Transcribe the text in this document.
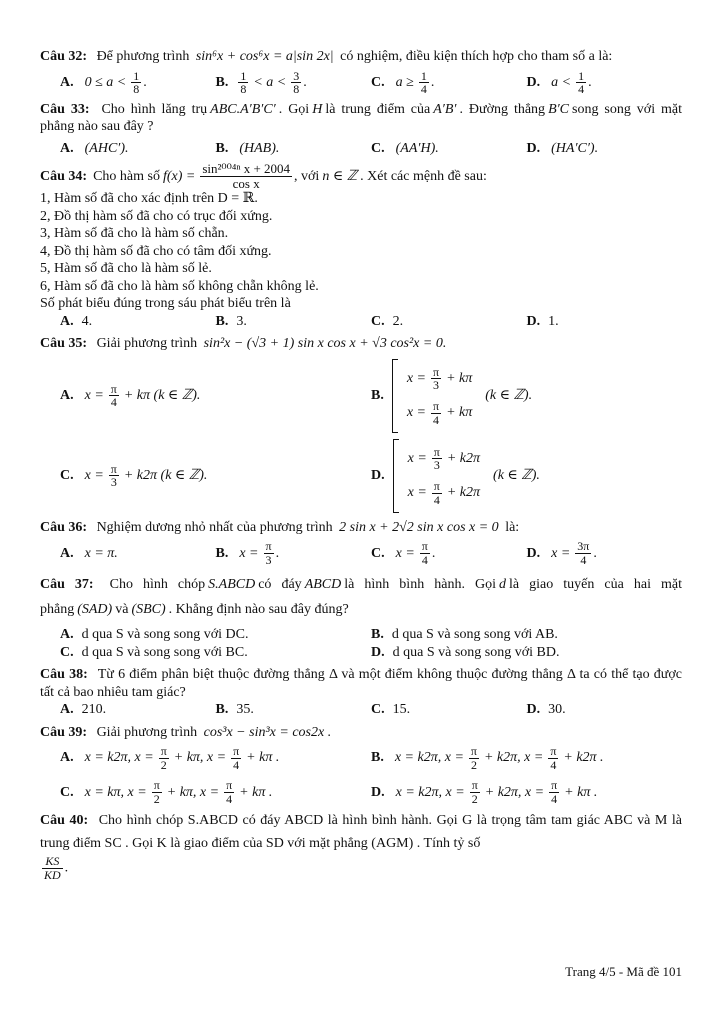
Câu 32: Để phương trình sin⁶x + cos⁶x = a|sin 2x| có nghiệm, điều kiện thích hợp cho tham số a là:
A. $0 \le a < \frac{1}{8}$ .	B. $\frac{1}{8} < a < \frac{3}{8}$ .	C. $a \ge \frac{1}{4}$ .	D. $a < \frac{1}{4}$ .
Câu 33: Cho hình lăng trụ ABC.A′B′C′ . Gọi H là trung điểm của A′B′ . Đường thẳng B′C song song với mặt phẳng nào sau đây ?
A. (AHC′).	B. (HAB).	C. (AA′H).	D. (HA′C′).
Câu 34: Cho hàm số $f(x) = \frac{\text{sin²⁰⁰⁴ⁿ x + 2004}}{\text{cos x}}$ , với n ∈ ℤ . Xét các mệnh đề sau:

1, Hàm số đã cho xác định trên D = ℝ.

2, Đồ thị hàm số đã cho có trục đối xứng.

3, Hàm số đã cho là hàm số chẵn.

4, Đồ thị hàm số đã cho có tâm đối xứng.

5, Hàm số đã cho là hàm số lẻ.

6, Hàm số đã cho là hàm số không chẵn không lẻ.

Số phát biểu đúng trong sáu phát biểu trên là

A. 4.	B. 3.	C. 2.	D. 1.
Câu 35: Giải phương trình sin²x − (√3 + 1) sin x cos x + √3 cos²x = 0.
A. $x = \frac{\pi}{4} + k\pi$ (k ∈ ℤ).	B.
$x = \frac{\pi}{3} + k\pi$
$x = \frac{\pi}{4} + k\pi$
(k ∈ ℤ).
C. $x = \frac{\pi}{3} + k2\pi$ (k ∈ ℤ).	D.
$x = \frac{\pi}{3} + k2\pi$
$x = \frac{\pi}{4} + k2\pi$
(k ∈ ℤ).
Câu 36: Nghiệm dương nhỏ nhất của phương trình 2 sin x + 2√2 sin x cos x = 0 là:
A. x = π.	B. $x = \frac{\pi}{3}$ .	C. $x = \frac{\pi}{4}$ .	D. $x = \frac{3\pi}{4}$ .
Câu 37: Cho hình chóp S.ABCD có đáy ABCD là hình bình hành. Gọi d là giao tuyến của hai mặt phẳng (SAD) và (SBC) . Khẳng định nào sau đây đúng?
A. d qua S và song song với DC.	B. d qua S và song song với AB.
C. d qua S và song song với BC.	D. d qua S và song song với BD.
Câu 38: Từ 6 điểm phân biệt thuộc đường thẳng Δ và một điểm không thuộc đường thẳng Δ ta có thể tạo được tất cả bao nhiêu tam giác?
A. 210.	B. 35.	C. 15.	D. 30.
Câu 39: Giải phương trình cos³x − sin³x = cos2x .
A. x = k2π, $x = \frac{\pi}{2} + k\pi$, $x = \frac{\pi}{4} + k\pi$ .	B. x = k2π, $x = \frac{\pi}{2} + k2\pi$, $x = \frac{\pi}{4} + k2\pi$ .
C. x = kπ, $x = \frac{\pi}{2} + k\pi$, $x = \frac{\pi}{4} + k\pi$ .	D. x = k2π, $x = \frac{\pi}{2} + k2\pi$, $x = \frac{\pi}{4} + k\pi$ .
Câu 40: Cho hình chóp S.ABCD có đáy ABCD là hình bình hành. Gọi G là trọng tâm tam giác ABC và M là trung điểm SC . Gọi K là giao điểm của SD với mặt phẳng (AGM) . Tính tỷ số
$\frac{KS}{KD}$ .
Trang 4/5 - Mã đề 101
